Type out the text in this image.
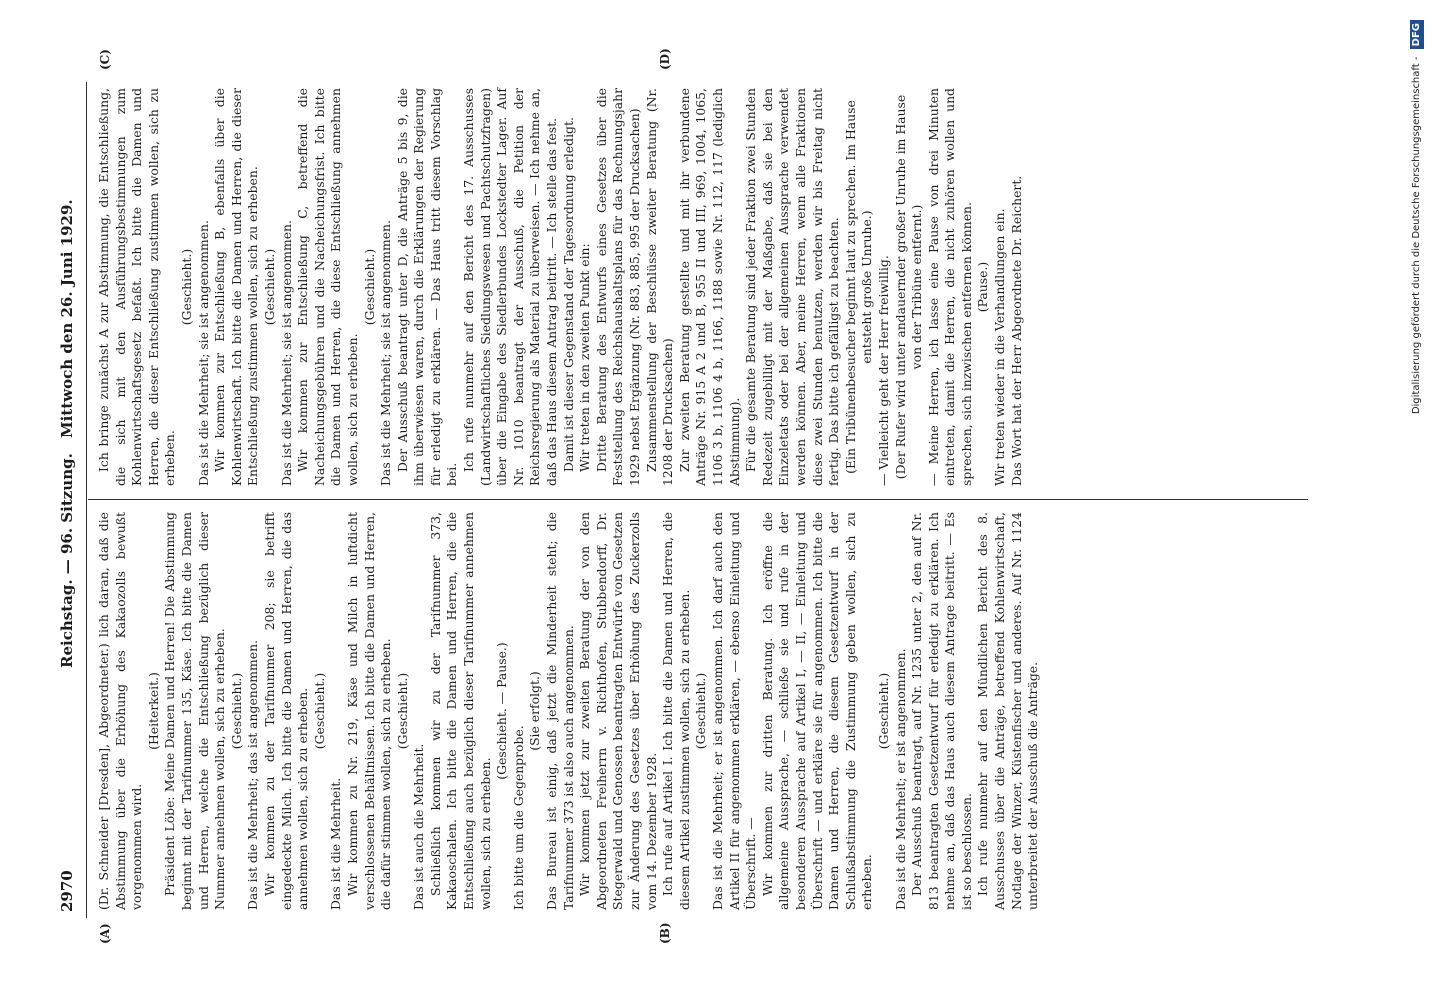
2970
Reichstag. — 96. Sitzung.
Mittwoch den 26. Juni 1929.
(A)	(B)
(C)	(D)

(Dr. Schneider [Dresden], Abgeordneter.) lich daran, daß die Abstimmung über die Erhöhung des Kakaozolls bewußt vorgenommen wird.

(Heiterkeit.) Präsident Löbe: Meine Damen und Herren! Die Abstimmung beginnt mit der Tarifnummer 135, Käse. Ich bitte die Damen und Herren, welche die Entschließung bezüglich dieser Nummer annehmen wollen, sich zu erheben. (Geschieht.) Das ist die Mehrheit; das ist angenommen. Wir kommen zu der Tarifnummer 208; sie betrifft eingedeckte Milch. Ich bitte die Damen und Herren, die das annehmen wollen, sich zu erheben. (Geschieht.)

Das ist die Mehrheit. Wir kommen zu Nr. 219, Käse und Milch in luftdicht verschlossenen Behältnissen. Ich bitte die Damen und Herren, die dafür stimmen wollen, sich zu erheben. (Geschieht.)

Das ist auch die Mehrheit. Schließlich kommen wir zu der Tarifnummer 373, Kakaoschalen. Ich bitte die Damen und Herren, die die Entschließung auch bezüglich dieser Tarifnummer annehmen wollen, sich zu erheben.

(Geschieht. — Pause.)

Ich bitte um die Gegenprobe.

(Sie erfolgt.) Das Bureau ist einig, daß jetzt die Minderheit steht; die Tarifnummer 373 ist also auch angenommen. Wir kommen jetzt zur zweiten Beratung der von den Abgeordneten Freiherrn v. Richthofen, Stubbendorff, Dr. Stegerwald und Genossen beantragten Entwürfe von Gesetzen zur Änderung des Gesetzes über Erhöhung des Zuckerzolls vom 14. Dezember 1928. Ich rufe auf Artikel I. Ich bitte die Damen und Herren, die diesem Artikel zustimmen wollen, sich zu erheben. (Geschieht.) Das ist die Mehrheit; er ist angenommen. Ich darf auch den Artikel II für angenommen erklären, — ebenso Einleitung und Überschrift. — Wir kommen zur dritten Beratung. Ich eröffne die allgemeine Aussprache, — schließe sie und rufe in der besonderen Aussprache auf Artikel I, — II, — Einleitung und Überschrift — und erkläre sie für angenommen. Ich bitte die Damen und Herren, die diesem Gesetzentwurf in der Schlußabstimmung die Zustimmung geben wollen, sich zu erheben.

(Geschieht.) Das ist die Mehrheit; er ist angenommen. Der Ausschuß beantragt, auf Nr. 1235 unter 2, den auf Nr. 813 beantragten Gesetzentwurf für erledigt zu erklären. Ich nehme an, daß das Haus auch diesem Antrage beitritt. — Es ist so beschlossen. Ich rufe nunmehr auf den Mündlichen Bericht des 8. Ausschusses über die Anträge, betreffend Kohlenwirtschaft, Notlage der Winzer, Küstenfischer und anderes. Auf Nr. 1124 unterbreitet der Ausschuß die Anträge.

Ich bringe zunächst A zur Abstimmung, die Entschließung, die sich mit den Ausführungsbestimmungen zum Kohlenwirtschaftsgesetz befaßt. Ich bitte die Damen und Herren, die dieser Entschließung zustimmen wollen, sich zu erheben.

(Geschieht.) Das ist die Mehrheit; sie ist angenommen. Wir kommen zur Entschließung B, ebenfalls über die Kohlenwirtschaft. Ich bitte die Damen und Herren, die dieser Entschließung zustimmen wollen, sich zu erheben. (Geschieht.) Das ist die Mehrheit; sie ist angenommen. Wir kommen zur Entschließung C, betreffend die Nacheichungsgebühren und die Nacheichungsfrist. Ich bitte die Damen und Herren, die diese Entschließung annehmen wollen, sich zu erheben.

(Geschieht.) Das ist die Mehrheit; sie ist angenommen. Der Ausschuß beantragt unter D, die Anträge 5 bis 9, die ihm überwiesen waren, durch die Erklärungen der Regierung für erledigt zu erklären. — Das Haus tritt diesem Vorschlag bei.

Ich rufe nunmehr auf den Bericht des 17. Ausschusses (Landwirtschaftliches Siedlungswesen und Pachtschutzfragen) über die Eingabe des Siedlerbundes Lockstedter Lager. Auf Nr. 1010 beantragt der Ausschuß, die Petition der Reichsregierung als Material zu überweisen. — Ich nehme an, daß das Haus diesem Antrag beitritt. — Ich stelle das fest. Damit ist dieser Gegenstand der Tagesordnung erledigt. Wir treten in den zweiten Punkt ein: Dritte Beratung des Entwurfs eines Gesetzes über die Feststellung des Reichshaushaltsplans für das Rechnungsjahr 1929 nebst Ergänzung (Nr. 883, 885, 995 der Drucksachen) Zusammenstellung der Beschlüsse zweiter Beratung (Nr. 1208 der Drucksachen) Zur zweiten Beratung gestellte und mit ihr verbundene Anträge Nr. 915 A 2 und B, 955 II und III, 969, 1004, 1065, 1106 3 b, 1106 4 b, 1166, 1188 sowie Nr. 112, 117 (lediglich Abstimmung). Für die gesamte Beratung sind jeder Fraktion zwei Stunden Redezeit zugebilligt mit der Maßgabe, daß sie bei den Einzeletats oder bei der allgemeinen Aussprache verwendet werden können. Aber, meine Herren, wenn alle Fraktionen diese zwei Stunden benutzen, werden wir bis Freitag nicht fertig. Das bitte ich gefälligst zu beachten. (Ein Tribünenbesucher beginnt laut zu sprechen. Im Hause entsteht große Unruhe.) — Vielleicht geht der Herr freiwillig. (Der Rufer wird unter andauernder großer Unruhe im Hause von der Tribüne entfernt.) — Meine Herren, ich lasse eine Pause von drei Minuten eintreten, damit die Herren, die nicht zuhören wollen und sprechen, sich inzwischen entfernen können. (Pause.) Wir treten wieder in die Verhandlungen ein. Das Wort hat der Herr Abgeordnete Dr. Reichert.	Digitalisierung gefördert durch die Deutsche Forschungsgemeinschaft - DFG
